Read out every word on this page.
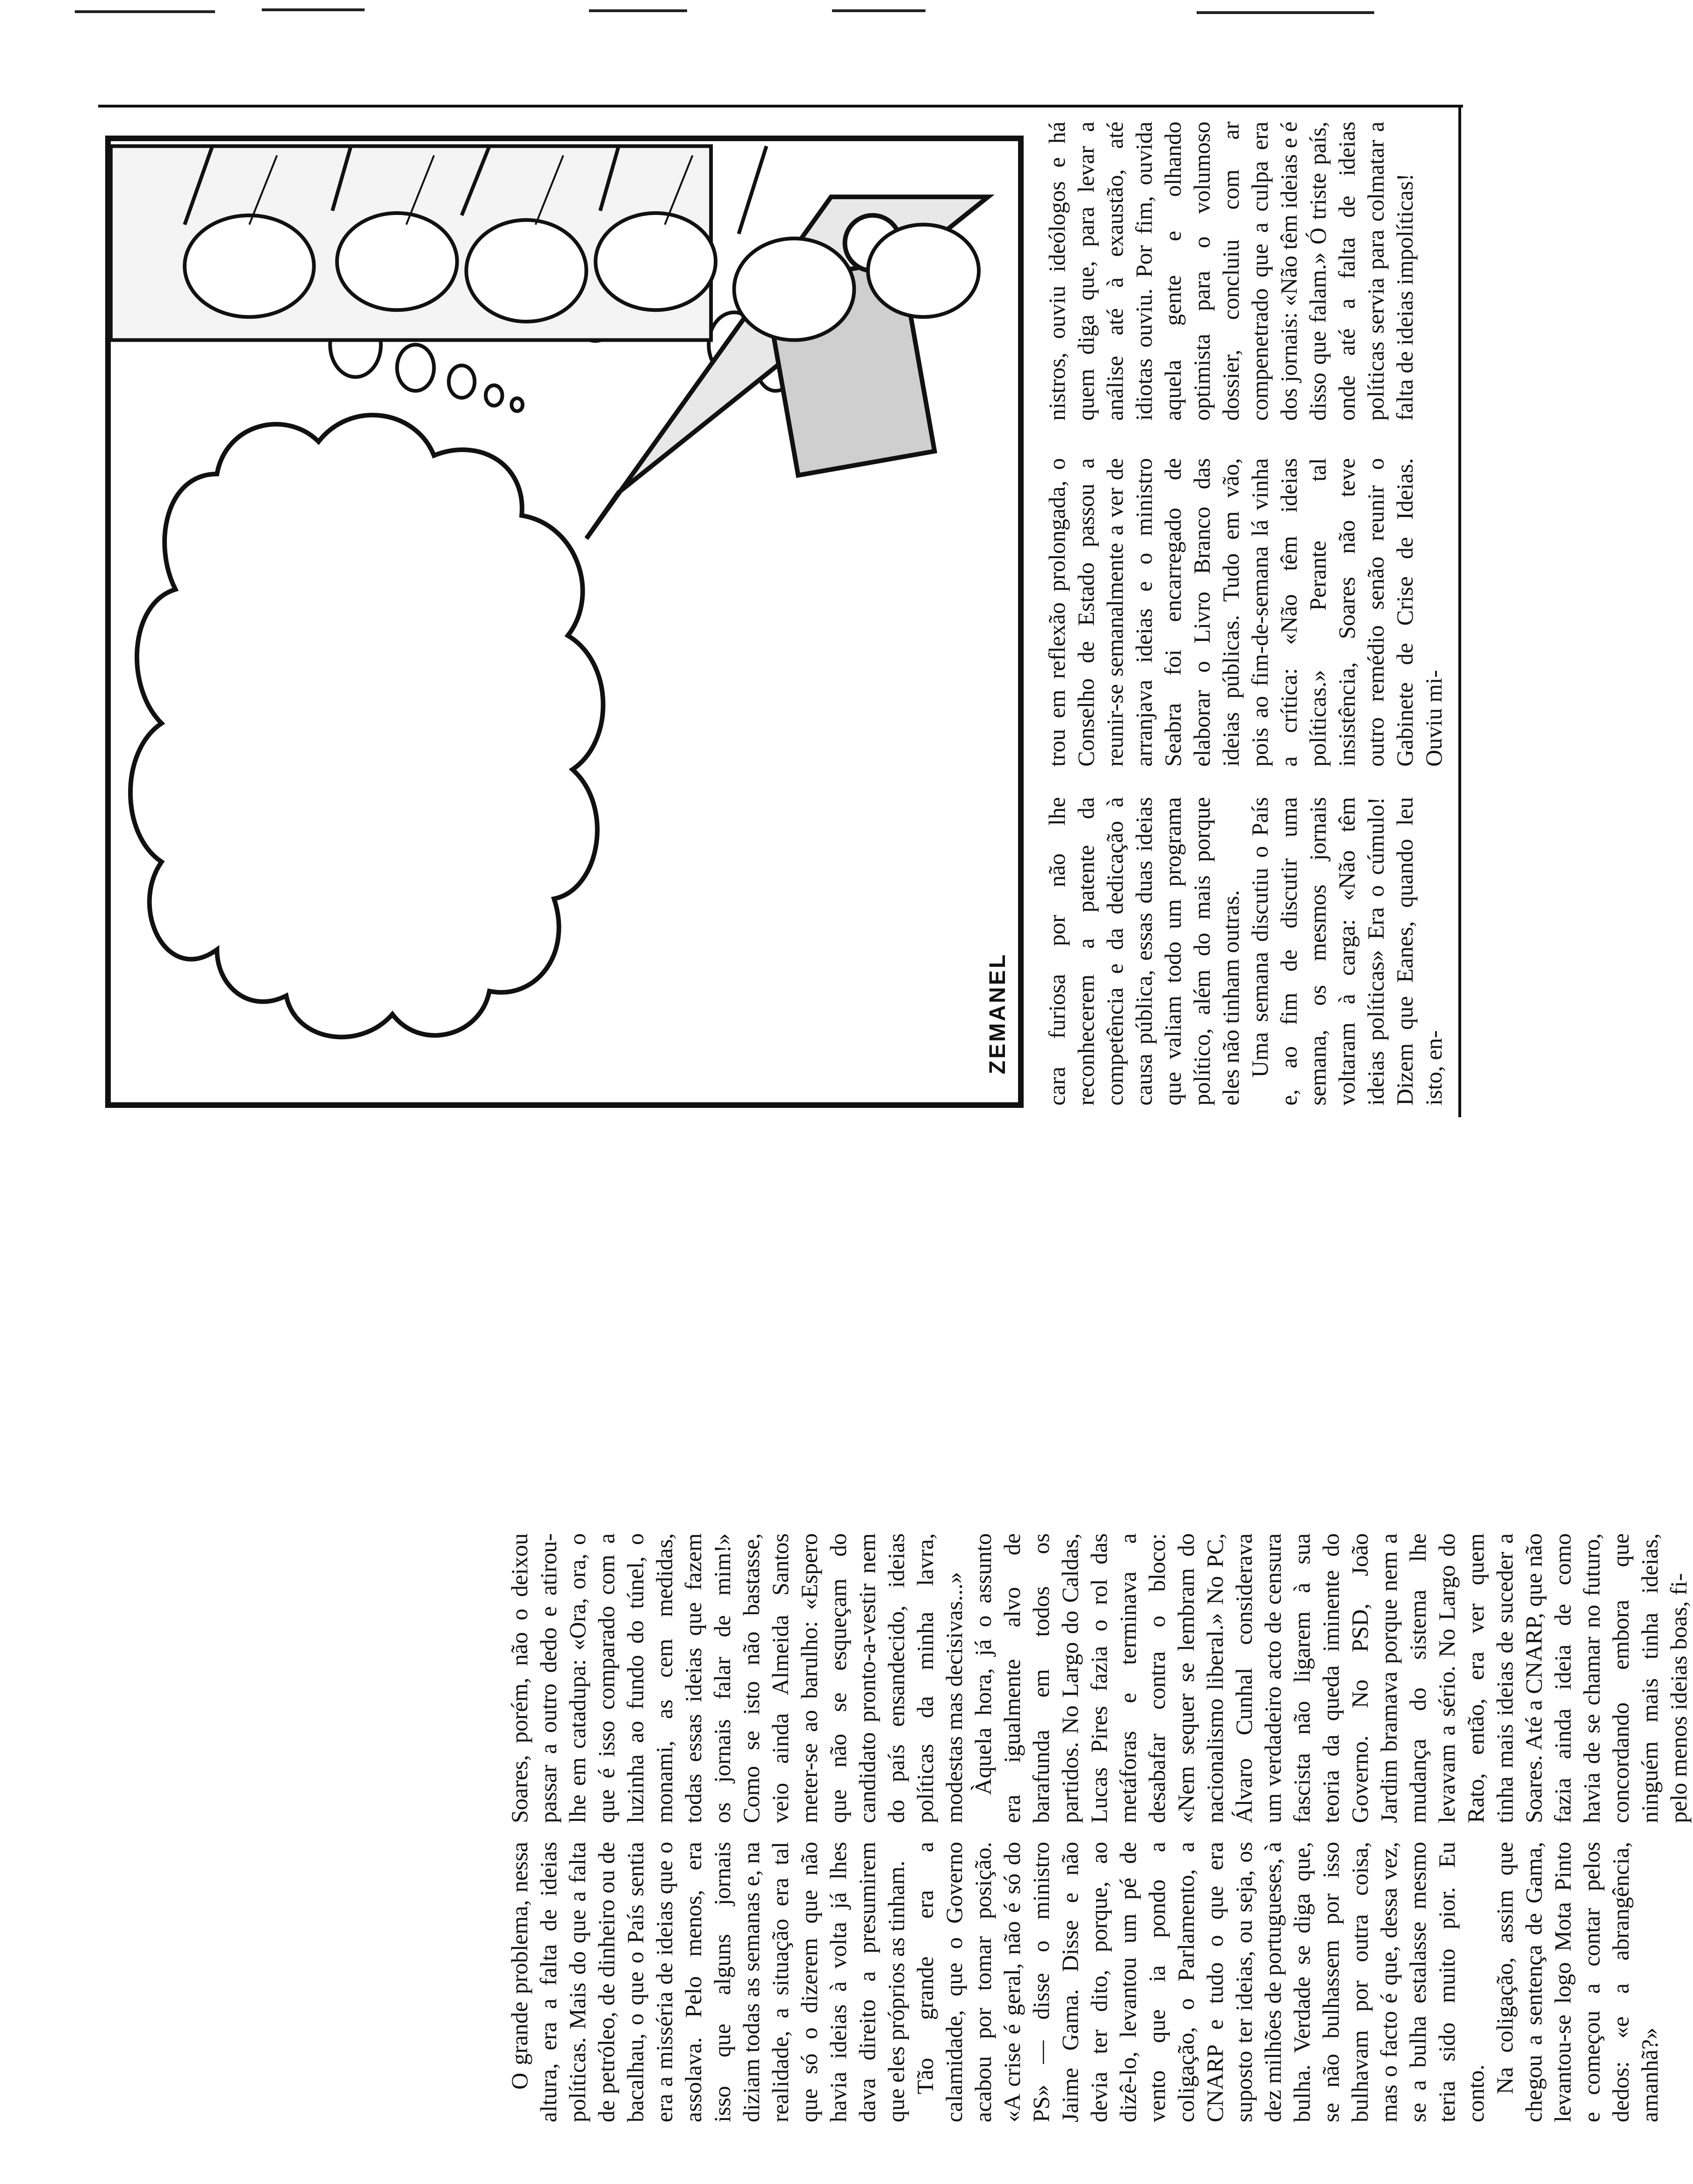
O grande problema, nessa altura, era a falta de ideias políticas. Mais do que a falta de petróleo, de dinheiro ou de bacalhau, o que o País sentia era a misséria de ideias que o assolava. Pelo menos, era isso que alguns jornais diziam todas as semanas e, na realidade, a situação era tal que só o dizerem que não havia ideias à volta já lhes dava direito a presumirem que eles próprios as tinham. Tão grande era a calamidade, que o Governo acabou por tomar posição. «A crise é geral, não é só do PS» — disse o ministro Jaime Gama. Disse e não devia ter dito, porque, ao dizê-lo, levantou um pé de vento que ia pondo a coligação, o Parlamento, a CNARP e tudo o que era suposto ter ideias, ou seja, os dez milhões de portugueses, à bulha. Verdade se diga que, se não bulhassem por isso bulhavam por outra coisa, mas o facto é que, dessa vez, se a bulha estalasse mesmo teria sido muito pior. Eu conto. Na coligação, assim que chegou a sentença de Gama, levantou-se logo Mota Pinto e começou a contar pelos dedos: «e a abrangência, amanhã?»

Soares, porém, não o deixou passar a outro dedo e atirou-lhe em catadupa: «Ora, ora, o que é isso comparado com a luzinha ao fundo do túnel, o monami, as cem medidas, todas essas ideias que fazem os jornais falar de mim!» Como se isto não bastasse, veio ainda Almeida Santos meter-se ao barulho: «Espero que não se esqueçam do candidato pronto-a-vestir nem do país ensandecido, ideias políticas da minha lavra, modestas mas decisivas...» Àquela hora, já o assunto era igualmente alvo de barafunda em todos os partidos. No Largo do Caldas, Lucas Pires fazia o rol das metáforas e terminava a desabafar contra o bloco: «Nem sequer se lembram do nacionalismo liberal.» No PC, Álvaro Cunhal considerava um verdadeiro acto de censura fascista não ligarem à sua teoria da queda iminente do Governo. No PSD, João Jardim bramava porque nem a mudança do sistema lhe levavam a sério. No Largo do Rato, então, era ver quem tinha mais ideias de suceder a Soares. Até a CNARP, que não fazia ainda ideia de como havia de se chamar no futuro, concordando embora que ninguém mais tinha ideias, pelo menos ideias boas, fi-

ZEMANEL cara furiosa por não lhe reconhecerem a patente da competência e da dedicação à causa pública, essas duas ideias que valiam todo um programa político, além do mais porque eles não tinham outras. Uma semana discutiu o País e, ao fim de discutir uma semana, os mesmos jornais voltaram à carga: «Não têm ideias políticas» Era o cúmulo! Dizem que Eanes, quando leu isto, en-

trou em reflexão prolongada, o Conselho de Estado passou a reunir-se semanalmente a ver de arranjava ideias e o ministro Seabra foi encarregado de elaborar o Livro Branco das ideias públicas. Tudo em vão, pois ao fim-de-semana lá vinha a crítica: «Não têm ideias políticas.» Perante tal insistência, Soares não teve outro remédio senão reunir o Gabinete de Crise de Ideias. Ouviu mi-

nistros, ouviu ideólogos e há quem diga que, para levar a análise até à exaustão, até idiotas ouviu. Por fim, ouvida aquela gente e olhando optimista para o volumoso dossier, concluiu com ar compenetrado que a culpa era dos jornais: «Não têm ideias e é disso que falam.» Ó triste país, onde até a falta de ideias políticas servia para colmatar a falta de ideias impolíticas!
